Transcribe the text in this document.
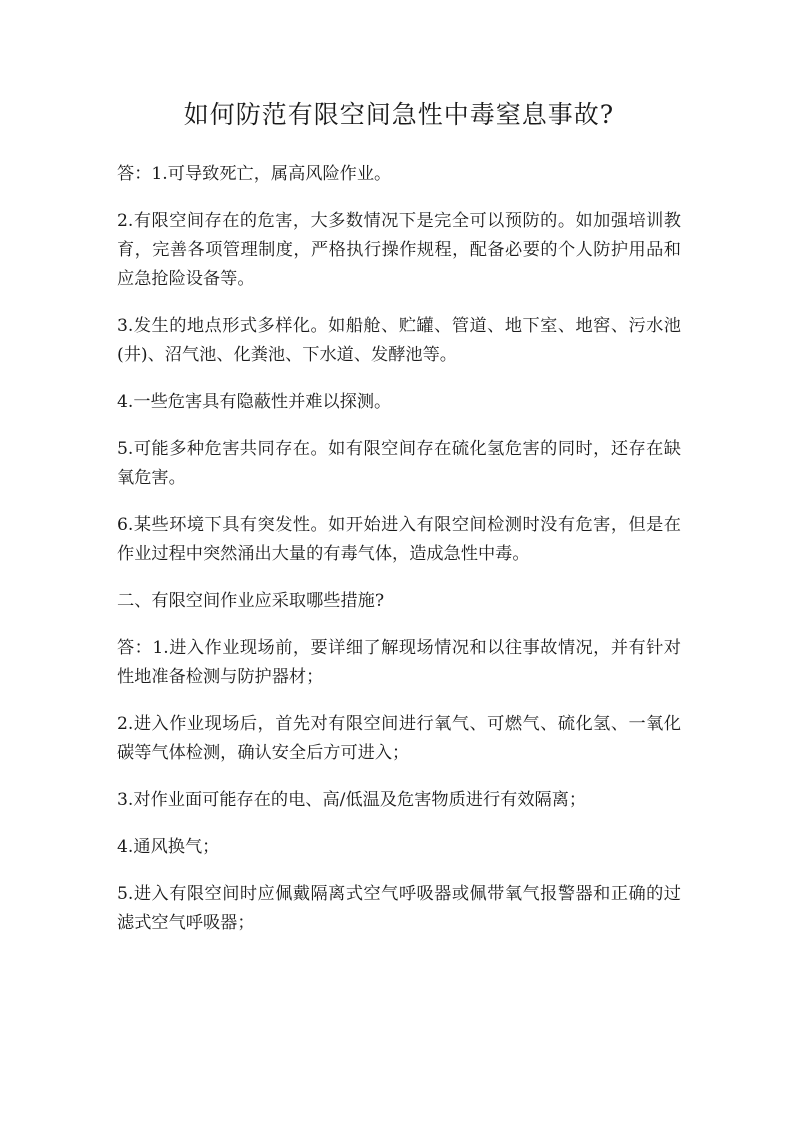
如何防范有限空间急性中毒窒息事故?

答：1.可导致死亡，属高风险作业。

2.有限空间存在的危害，大多数情况下是完全可以预防的。如加强培训教育，完善各项管理制度，严格执行操作规程，配备必要的个人防护用品和应急抢险设备等。

3.发生的地点形式多样化。如船舱、贮罐、管道、地下室、地窖、污水池(井)、沼气池、化粪池、下水道、发酵池等。

4.一些危害具有隐蔽性并难以探测。

5.可能多种危害共同存在。如有限空间存在硫化氢危害的同时，还存在缺氧危害。

6.某些环境下具有突发性。如开始进入有限空间检测时没有危害，但是在作业过程中突然涌出大量的有毒气体，造成急性中毒。

二、有限空间作业应采取哪些措施?

答：1.进入作业现场前，要详细了解现场情况和以往事故情况，并有针对性地准备检测与防护器材；

2.进入作业现场后，首先对有限空间进行氧气、可燃气、硫化氢、一氧化碳等气体检测，确认安全后方可进入；

3.对作业面可能存在的电、高/低温及危害物质进行有效隔离；

4.通风换气；

5.进入有限空间时应佩戴隔离式空气呼吸器或佩带氧气报警器和正确的过滤式空气呼吸器；
